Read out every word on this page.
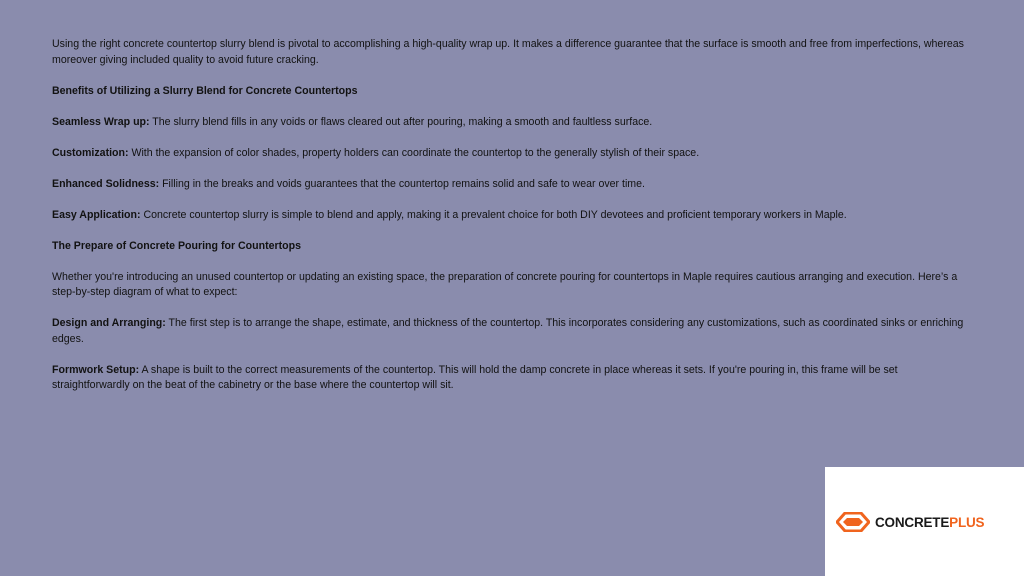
Using the right concrete countertop slurry blend is pivotal to accomplishing a high-quality wrap up. It makes a difference guarantee that the surface is smooth and free from imperfections, whereas moreover giving included quality to avoid future cracking.

Benefits of Utilizing a Slurry Blend for Concrete Countertops

Seamless Wrap up: The slurry blend fills in any voids or flaws cleared out after pouring, making a smooth and faultless surface.

Customization: With the expansion of color shades, property holders can coordinate the countertop to the generally stylish of their space.

Enhanced Solidness: Filling in the breaks and voids guarantees that the countertop remains solid and safe to wear over time.

Easy Application: Concrete countertop slurry is simple to blend and apply, making it a prevalent choice for both DIY devotees and proficient temporary workers in Maple.

The Prepare of Concrete Pouring for Countertops

Whether you're introducing an unused countertop or updating an existing space, the preparation of concrete pouring for countertops in Maple requires cautious arranging and execution. Here’s a step-by-step diagram of what to expect:

Design and Arranging: The first step is to arrange the shape, estimate, and thickness of the countertop. This incorporates considering any customizations, such as coordinated sinks or enriching edges.

Formwork Setup: A shape is built to the correct measurements of the countertop. This will hold the damp concrete in place whereas it sets. If you're pouring in, this frame will be set straightforwardly on the beat of the cabinetry or the base where the countertop will sit.

CONCRETEPLUS
